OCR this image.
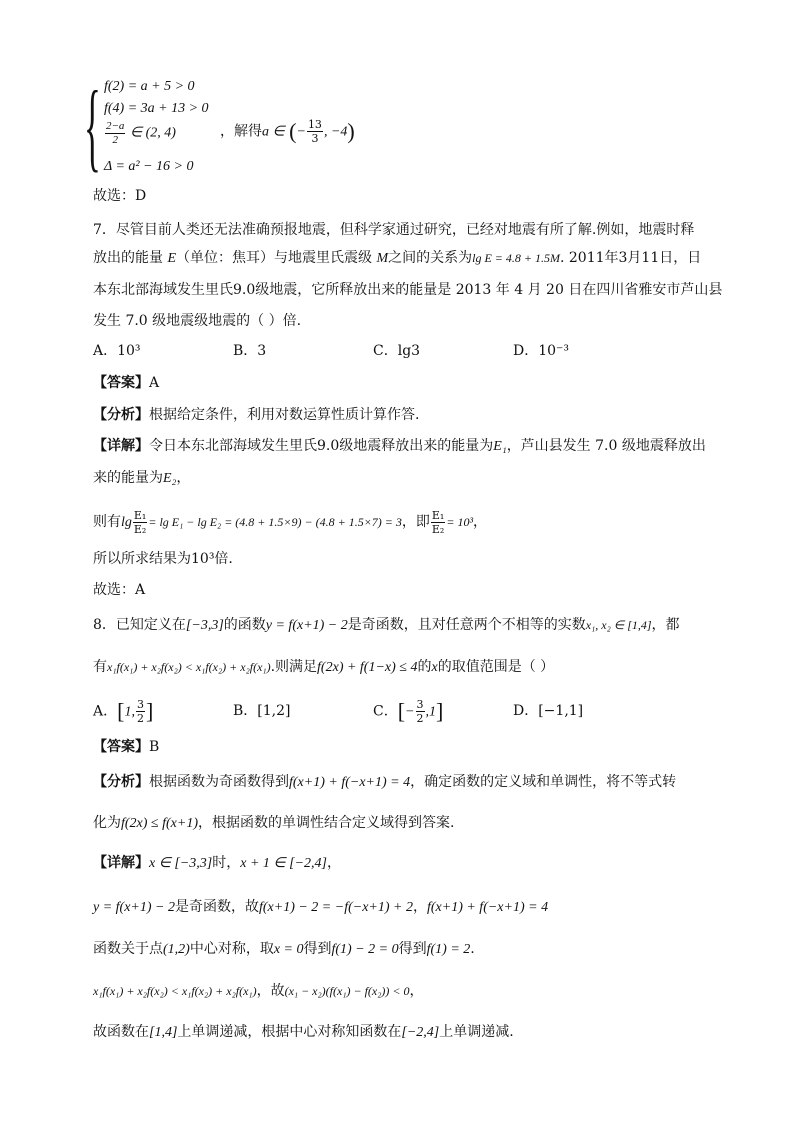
{ f(2) = a + 5 > 0
f(4) = 3a + 13 > 0
$\frac{2-a}{2}$ ∈ (2, 4)
Δ = a² − 16 > 0
，解得a ∈ (− $\frac{13}{3}$ , −4)
故选：D
7．尽管目前人类还无法准确预报地震，但科学家通过研究，已经对地震有所了解.例如，地震时释
放出的能量 E（单位：焦耳）与地震里氏震级 M之间的关系为lg E = 4.8 + 1.5M. 2011年3月11日，日
本东北部海域发生里氏9.0级地震，它所释放出来的能量是 2013 年 4 月 20 日在四川省雅安市芦山县
发生 7.0 级地震级地震的（ ）倍.
A．10³	B．3	C．lg3	D．10⁻³
【答案】A
【分析】根据给定条件，利用对数运算性质计算作答.
【详解】令日本东北部海域发生里氏9.0级地震释放出来的能量为E₁，芦山县发生 7.0 级地震释放出
来的能量为E₂，
则有$\lg \frac{\text{E₁}}{\text{E₂}} = \lg E_1 - \lg E_2 = (4.8 + 1.5\times 9) - (4.8 + 1.5\times 7) = 3$，即 $\frac{\text{E₁}}{\text{E₂}} = 10^3$，
所以所求结果为10³倍.
故选：A
8．已知定义在[−3,3]的函数y = f(x+1) − 2是奇函数，且对任意两个不相等的实数x₁, x₂ ∈ [1,4]，都
有x₁f(x₁) + x₂f(x₂) < x₁f(x₂) + x₂f(x₁).则满足f(2x) + f(1−x) ≤ 4的x的取值范围是（ ）
A．[1, $\frac{3}{2}$ ]	B．[1,2]	C．[− $\frac{3}{2} ,1$]	D．[−1,1]
【答案】B
【分析】根据函数为奇函数得到f(x+1) + f(−x+1) = 4，确定函数的定义域和单调性，将不等式转
化为f(2x) ≤ f(x+1)，根据函数的单调性结合定义域得到答案.
【详解】x ∈ [−3,3]时，x + 1 ∈ [−2,4]，
y = f(x+1) − 2是奇函数，故f(x+1) − 2 = −f(−x+1) + 2，f(x+1) + f(−x+1) = 4
函数关于点(1,2)中心对称，取x = 0得到f(1) − 2 = 0得到f(1) = 2.
x₁f(x₁) + x₂f(x₂) < x₁f(x₂) + x₂f(x₁)，故(x₁ − x₂)(f(x₁) − f(x₂)) < 0，
故函数在[1,4]上单调递减，根据中心对称知函数在[−2,4]上单调递减.
